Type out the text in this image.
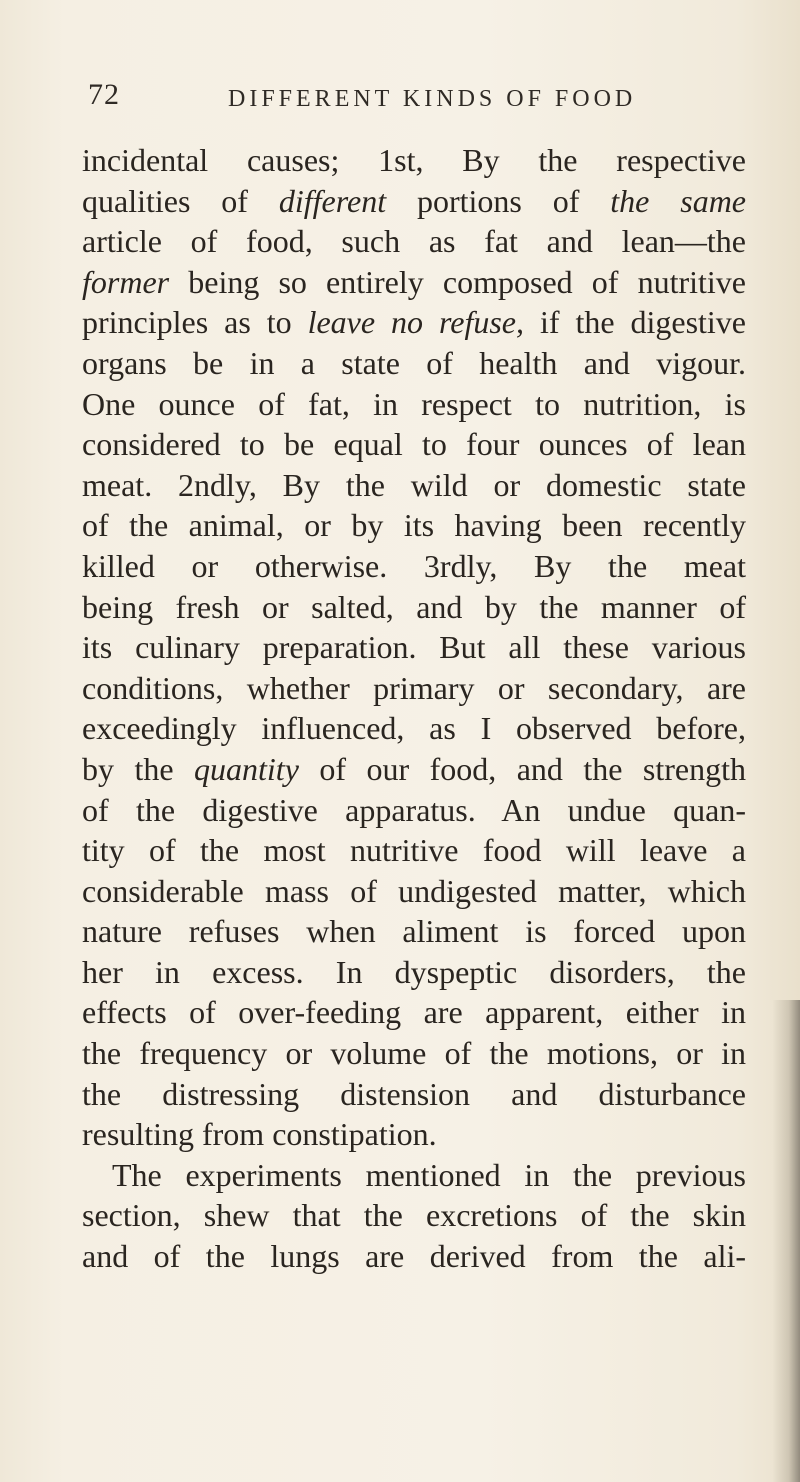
72	DIFFERENT KINDS OF FOOD
incidental causes; 1st, By the respective
qualities of different portions of the same
article of food, such as fat and lean—the
former being so entirely composed of nutritive
principles as to leave no refuse, if the digestive
organs be in a state of health and vigour.
One ounce of fat, in respect to nutrition, is
considered to be equal to four ounces of lean
meat. 2ndly, By the wild or domestic state
of the animal, or by its having been recently
killed or otherwise. 3rdly, By the meat
being fresh or salted, and by the manner of
its culinary preparation. But all these various
conditions, whether primary or secondary, are
exceedingly influenced, as I observed before,
by the quantity of our food, and the strength
of the digestive apparatus. An undue quan-
tity of the most nutritive food will leave a
considerable mass of undigested matter, which
nature refuses when aliment is forced upon
her in excess. In dyspeptic disorders, the
effects of over-feeding are apparent, either in
the frequency or volume of the motions, or in
the distressing distension and disturbance
resulting from constipation.
The experiments mentioned in the previous
section, shew that the excretions of the skin
and of the lungs are derived from the ali-
